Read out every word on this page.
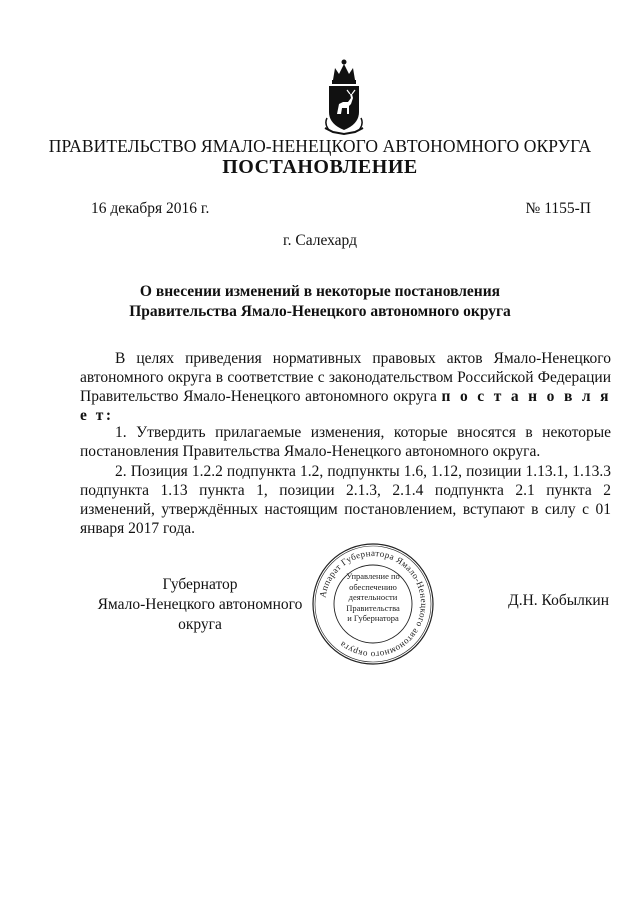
ПРАВИТЕЛЬСТВО ЯМАЛО-НЕНЕЦКОГО АВТОНОМНОГО ОКРУГА
ПОСТАНОВЛЕНИЕ
16 декабря 2016 г.	№ 1155-П
г. Салехард
О внесении изменений в некоторые постановления
Правительства Ямало-Ненецкого автономного округа

В целях приведения нормативных правовых актов Ямало-Ненецкого автономного округа в соответствие с законодательством Российской Федерации Правительство Ямало-Ненецкого автономного округа п о с т а н о в л я е т:

1. Утвердить прилагаемые изменения, которые вносятся в некоторые постановления Правительства Ямало-Ненецкого автономного округа.

2. Позиция 1.2.2 подпункта 1.2, подпункты 1.6, 1.12, позиции 1.13.1, 1.13.3 подпункта 1.13 пункта 1, позиции 2.1.3, 2.1.4 подпункта 2.1 пункта 2 изменений, утверждённых настоящим постановлением, вступают в силу с 01 января 2017 года.

Губернатор
Ямало-Ненецкого автономного округа
Д.Н. Кобылкин
Аппарат Губернатора Ямало-Ненецкого автономного округа
Управление по
обеспечению
деятельности
Правительства
и Губернатора
